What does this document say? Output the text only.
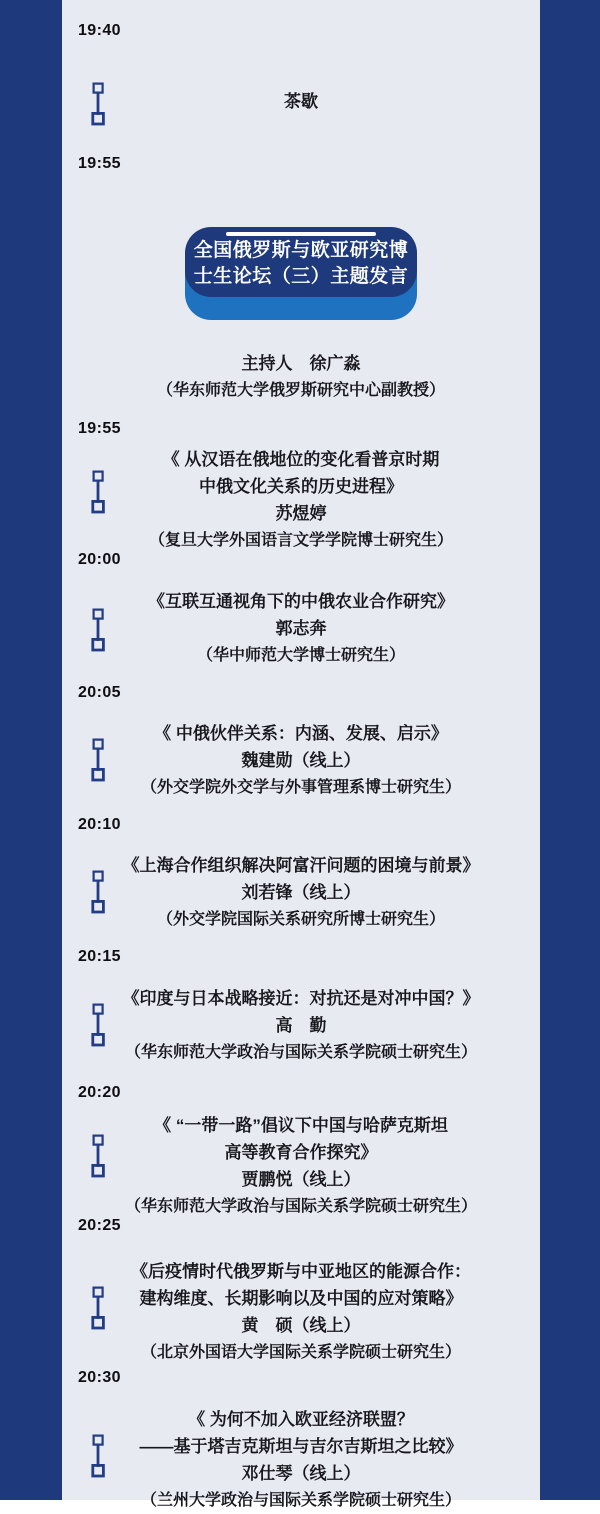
19:40
茶歇
19:55
全国俄罗斯与欧亚研究博
士生论坛（三）主题发言
主持人　徐广淼
（华东师范大学俄罗斯研究中心副教授）
19:55
《 从汉语在俄地位的变化看普京时期
中俄文化关系的历史进程》
苏煜婷
（复旦大学外国语言文学学院博士研究生）
20:00
《互联互通视角下的中俄农业合作研究》
郭志奔
（华中师范大学博士研究生）
20:05
《 中俄伙伴关系：内涵、发展、启示》
魏建勋（线上）
（外交学院外交学与外事管理系博士研究生）
20:10
《上海合作组织解决阿富汗问题的困境与前景》
刘若锋（线上）
（外交学院国际关系研究所博士研究生）
20:15
《印度与日本战略接近：对抗还是对冲中国？》
高　勤
（华东师范大学政治与国际关系学院硕士研究生）
20:20
《 “一带一路”倡议下中国与哈萨克斯坦
高等教育合作探究》
贾鹏悦（线上）
（华东师范大学政治与国际关系学院硕士研究生）
20:25
《后疫情时代俄罗斯与中亚地区的能源合作：
建构维度、长期影响以及中国的应对策略》
黄　硕（线上）
（北京外国语大学国际关系学院硕士研究生）
20:30
《 为何不加入欧亚经济联盟？
——基于塔吉克斯坦与吉尔吉斯坦之比较》
邓仕琴（线上）
（兰州大学政治与国际关系学院硕士研究生）
